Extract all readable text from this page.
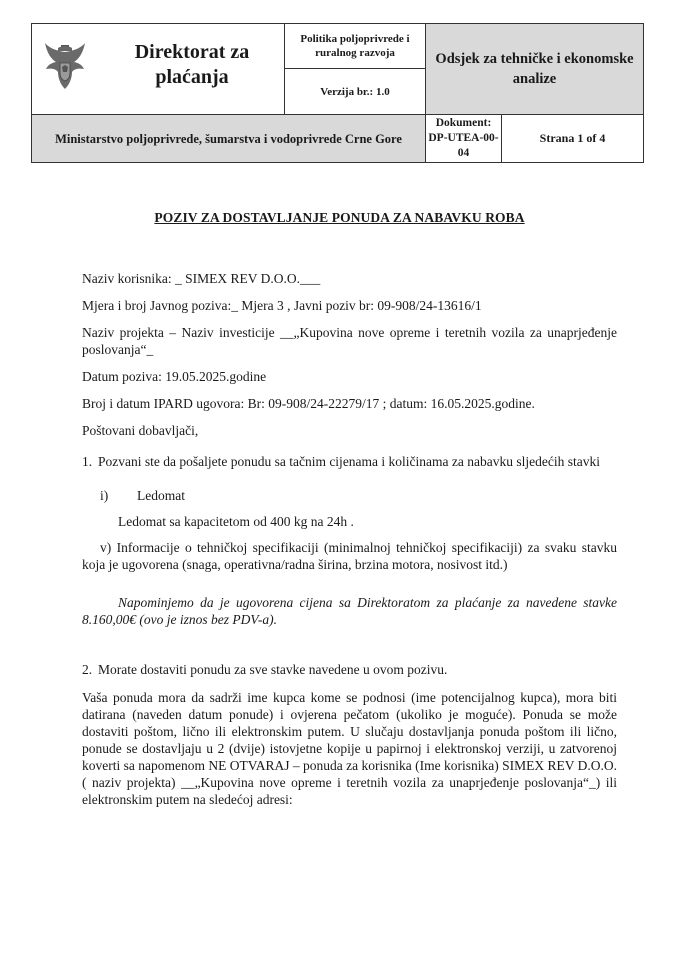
Direktorat za plaćanja	Politika poljoprivrede i ruralnog razvoja	Odsjek za tehničke i ekonomske analize	
	Verzija br.: 1.0		
Ministarstvo poljoprivrede, šumarstva i vodoprivrede Crne Gore		Dokument: DP-UTEA-00-04	Strana 1 of 4
POZIV ZA DOSTAVLJANJE PONUDA ZA NABAVKU ROBA

Naziv korisnika: _ SIMEX REV D.O.O.___

Mjera i broj Javnog poziva:_ Mjera 3 , Javni poziv br: 09-908/24-13616/1

Naziv projekta – Naziv investicije __„Kupovina nove opreme i teretnih vozila za unaprjeđenje poslovanja“_

Datum poziva: 19.05.2025.godine

Broj i datum IPARD ugovora: Br: 09-908/24-22279/17 ; datum: 16.05.2025.godine.

Poštovani dobavljači,

1. Pozvani ste da pošaljete ponudu sa tačnim cijenama i količinama za nabavku sljedećih stavki
i)	Ledomat

Ledomat sa kapacitetom od 400 kg na 24h .

v) Informacije o tehničkoj specifikaciji (minimalnoj tehničkoj specifikaciji) za svaku stavku koja je ugovorena (snaga, operativna/radna širina, brzina motora, nosivost itd.)

Napominjemo da je ugovorena cijena sa Direktoratom za plaćanje za navedene stavke 8.160,00€ (ovo je iznos bez PDV-a).

2. Morate dostaviti ponudu za sve stavke navedene u ovom pozivu.

Vaša ponuda mora da sadrži ime kupca kome se podnosi (ime potencijalnog kupca), mora biti datirana (naveden datum ponude) i ovjerena pečatom (ukoliko je moguće). Ponuda se može dostaviti poštom, lično ili elektronskim putem. U slučaju dostavljanja ponuda poštom ili lično, ponude se dostavljaju u 2 (dvije) istovjetne kopije u papirnoj i elektronskoj verziji, u zatvorenoj koverti sa napomenom NE OTVARAJ – ponuda za korisnika (Ime korisnika) SIMEX REV D.O.O. ( naziv projekta) __„Kupovina nove opreme i teretnih vozila za unaprjeđenje poslovanja“_) ili elektronskim putem na sledećoj adresi:
